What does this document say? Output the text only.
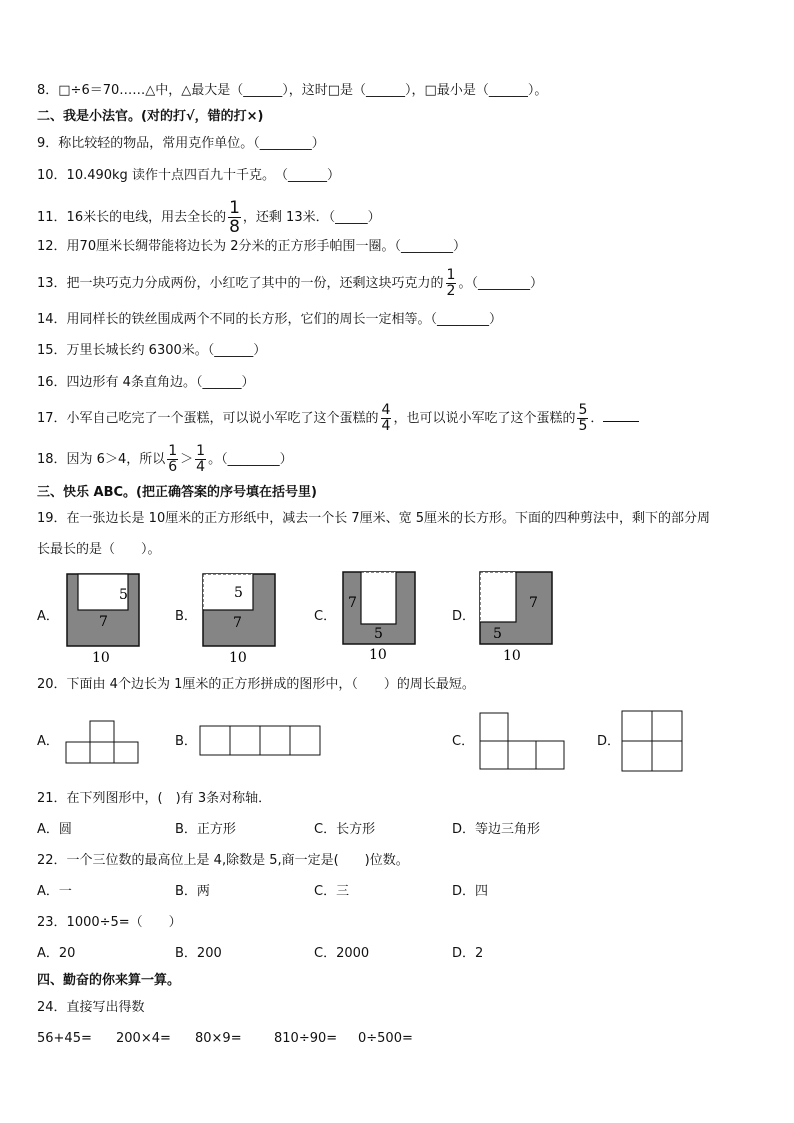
8．□÷6＝70……△中，△最大是（______），这时□是（______），□最小是（______）。
二、我是小法官。(对的打√，错的打×)
9．称比较轻的物品，常用克作单位。（________）
10．10.490kg 读作十点四百九十千克。　（______）
11．16米长的电线，用去全长的 $\frac{1}{8}$ ，还剩 13米．（_____）
12．用70厘米长绸带能将边长为 2分米的正方形手帕围一圈。（________）
13．把一块巧克力分成两份，小红吃了其中的一份，还剩这块巧克力的 $\frac{1}{2}$ 。（________）
14．用同样长的铁丝围成两个不同的长方形，它们的周长一定相等。（________）
15．万里长城长约 6300米。（______）
16．四边形有 4条直角边。（______）
17．小军自己吃完了一个蛋糕，可以说小军吃了这个蛋糕的 $\frac{4}{4}$ ，也可以说小军吃了这个蛋糕的 $\frac{5}{5}$ ．
18．因为 6＞4，所以 $\frac{1}{6} > \frac{1}{4}$ 。（________）
三、快乐 ABC。(把正确答案的序号填在括号里)
19．在一张边长是 10厘米的正方形纸中，减去一个长 7厘米、宽 5厘米的长方形。下面的四种剪法中，剩下的部分周
长最长的是（　　）。
A．
5
7
10
B．
5
7
10
C．
7
5
10
D．
7
5
10
20．下面由 4个边长为 1厘米的正方形拼成的图形中，（　　）的周长最短。
A．	B．	C．	D．
21．在下列图形中，(　)有 3条对称轴．
A．圆	B．正方形	C．长方形	D．等边三角形
22．一个三位数的最高位上是 4,除数是 5,商一定是(　　)位数。
A．一	B．两	C．三	D．四
23．1000÷5=（　　）
A．20	B．200	C．2000	D．2
四、勤奋的你来算一算。
24．直接写出得数
56+45= 200×4= 80×9= 810÷90= 0÷500=
